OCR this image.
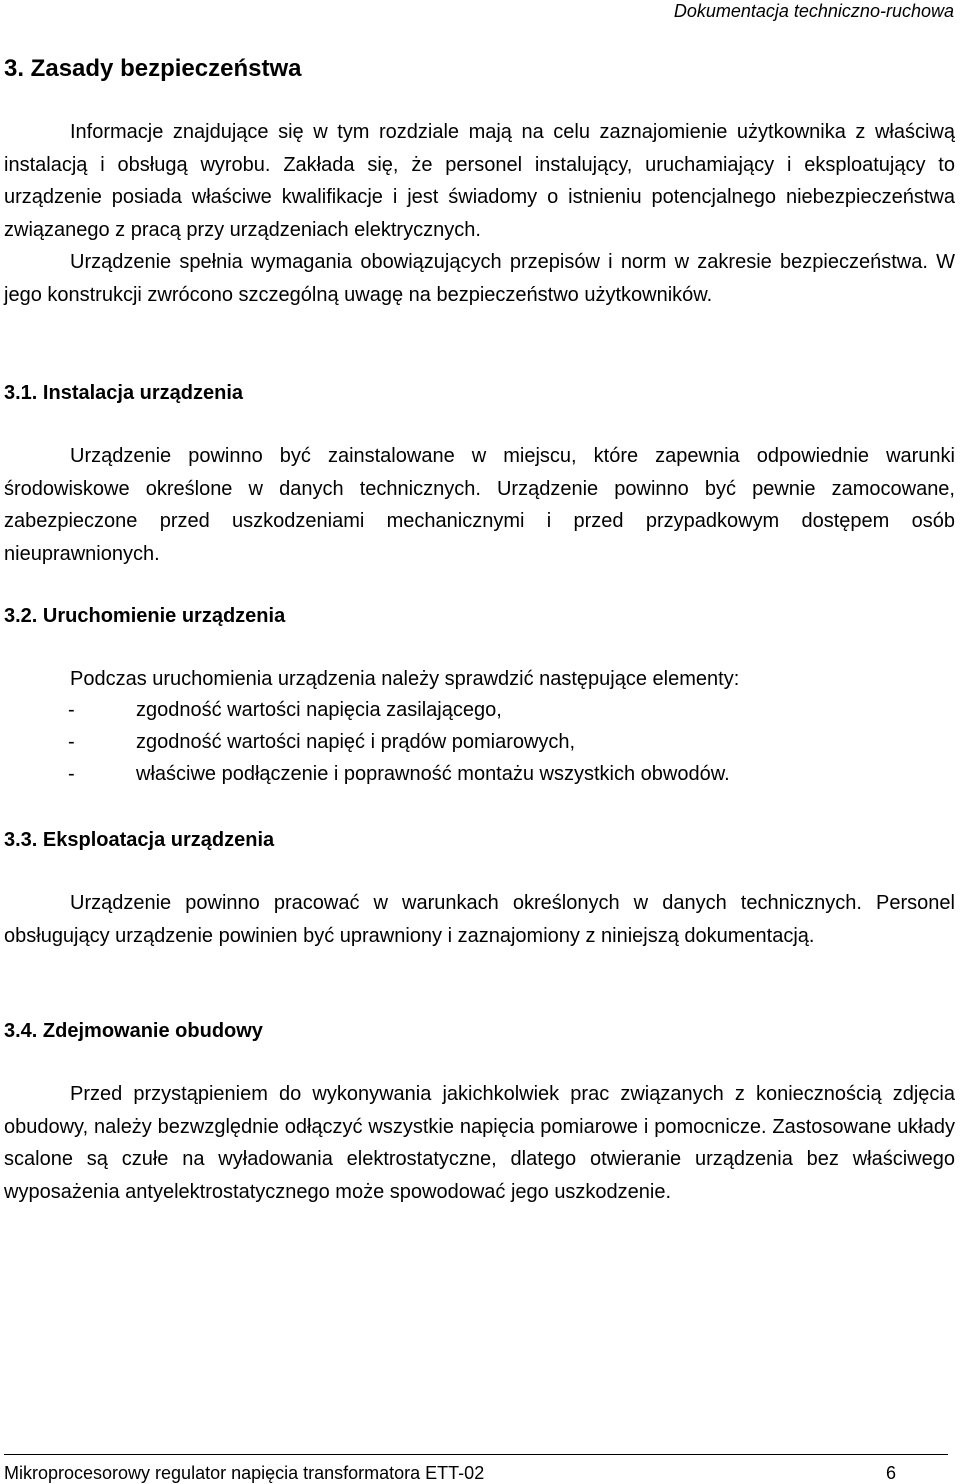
Dokumentacja techniczno-ruchowa
3. Zasady bezpieczeństwa

Informacje znajdujące się w tym rozdziale mają na celu zaznajomienie użytkownika z właściwą instalacją i obsługą wyrobu. Zakłada się, że personel instalujący, uruchamiający i eksploatujący to urządzenie posiada właściwe kwalifikacje i jest świadomy o istnieniu potencjalnego niebezpieczeństwa związanego z pracą przy urządzeniach elektrycznych.

Urządzenie spełnia wymagania obowiązujących przepisów i norm w zakresie bezpieczeństwa. W jego konstrukcji zwrócono szczególną uwagę na bezpieczeństwo użytkowników.

3.1. Instalacja urządzenia

Urządzenie powinno być zainstalowane w miejscu, które zapewnia odpowiednie warunki środowiskowe określone w danych technicznych. Urządzenie powinno być pewnie zamocowane, zabezpieczone przed uszkodzeniami mechanicznymi i przed przypadkowym dostępem osób nieuprawnionych.

3.2. Uruchomienie urządzenia

Podczas uruchomienia urządzenia należy sprawdzić następujące elementy:

-	zgodność wartości napięcia zasilającego,
-	zgodność wartości napięć i prądów pomiarowych,
-	właściwe podłączenie i poprawność montażu wszystkich obwodów.
3.3. Eksploatacja urządzenia

Urządzenie powinno pracować w warunkach określonych w danych technicznych. Personel obsługujący urządzenie powinien być uprawniony i zaznajomiony z niniejszą dokumentacją.

3.4. Zdejmowanie obudowy

Przed przystąpieniem do wykonywania jakichkolwiek prac związanych z koniecznością zdjęcia obudowy, należy bezwzględnie odłączyć wszystkie napięcia pomiarowe i pomocnicze. Zastosowane układy scalone są czułe na wyładowania elektrostatyczne, dlatego otwieranie urządzenia bez właściwego wyposażenia antyelektrostatycznego może spowodować jego uszkodzenie.

Mikroprocesorowy regulator napięcia transformatora ETT-02	6
